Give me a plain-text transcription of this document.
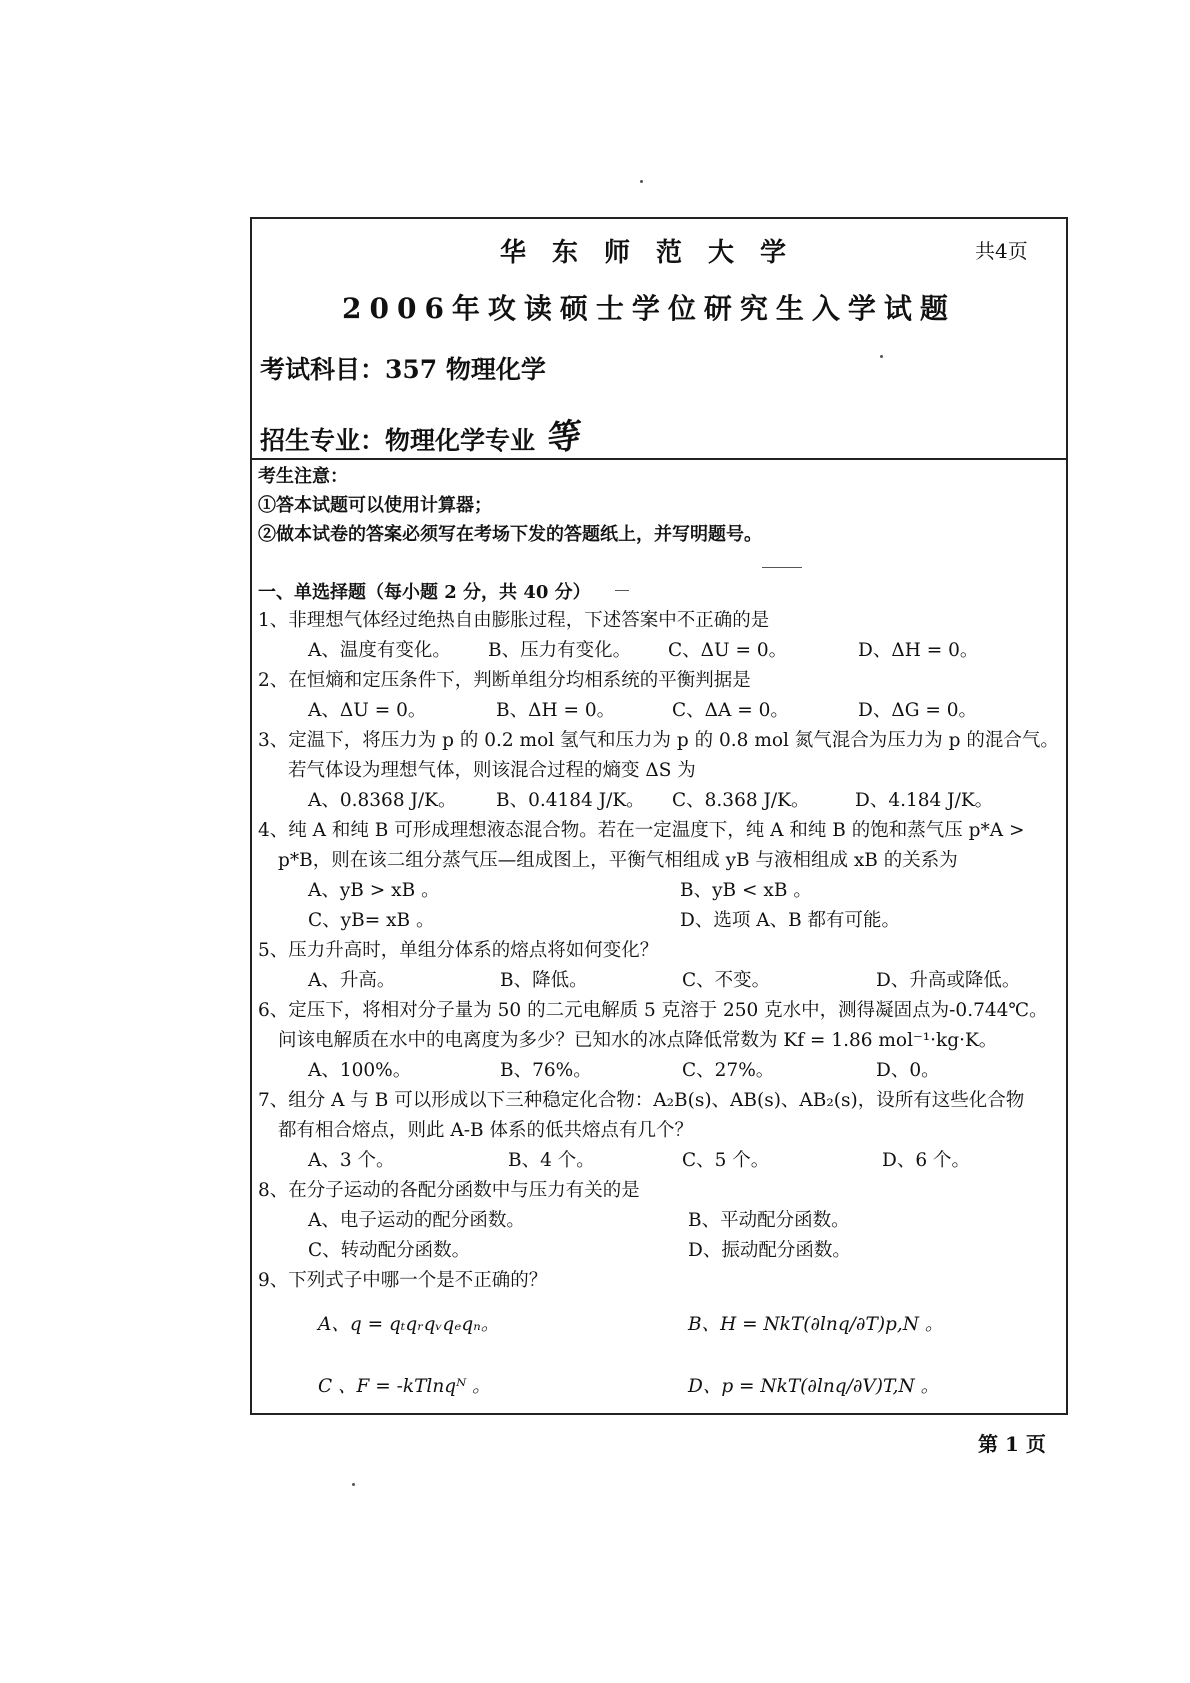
华东师范大学	共4页
2006年攻读硕士学位研究生入学试题
考试科目：357 物理化学
招生专业：物理化学专业 等
考生注意：
①答本试题可以使用计算器；
②做本试卷的答案必须写在考场下发的答题纸上，并写明题号。
一、单选择题（每小题 2 分，共 40 分）
1、非理想气体经过绝热自由膨胀过程，下述答案中不正确的是
A、温度有变化。 B、压力有变化。 C、ΔU = 0。	D、ΔH = 0。
2、在恒熵和定压条件下，判断单组分均相系统的平衡判据是
A、ΔU = 0。	B、ΔH = 0。	C、ΔA = 0。	D、ΔG = 0。
3、定温下，将压力为 p 的 0.2 mol 氢气和压力为 p 的 0.8 mol 氮气混合为压力为 p 的混合气。
若气体设为理想气体，则该混合过程的熵变 ΔS 为
A、0.8368 J/K。 B、0.4184 J/K。 C、8.368 J/K。 D、4.184 J/K。
4、纯 A 和纯 B 可形成理想液态混合物。若在一定温度下，纯 A 和纯 B 的饱和蒸气压 p*A >
p*B，则在该二组分蒸气压—组成图上，平衡气相组成 yB 与液相组成 xB 的关系为
A、yB > xB 。	B、yB < xB 。
C、yB= xB 。	D、选项 A、B 都有可能。
5、压力升高时，单组分体系的熔点将如何变化？
A、升高。	B、降低。	C、不变。	D、升高或降低。
6、定压下，将相对分子量为 50 的二元电解质 5 克溶于 250 克水中，测得凝固点为-0.744℃。
问该电解质在水中的电离度为多少？已知水的冰点降低常数为 Kf = 1.86 mol⁻¹·kg·K。
A、100%。	B、76%。	C、27%。	D、0。
7、组分 A 与 B 可以形成以下三种稳定化合物：A₂B(s)、AB(s)、AB₂(s)，设所有这些化合物
都有相合熔点，则此 A-B 体系的低共熔点有几个？
A、3 个。	B、4 个。	C、5 个。	D、6 个。
8、在分子运动的各配分函数中与压力有关的是
A、电子运动的配分函数。	B、平动配分函数。
C、转动配分函数。	D、振动配分函数。
9、下列式子中哪一个是不正确的？
A、q = qₜqᵣqᵥqₑqₙ。	B、H = NkT(∂lnq/∂T)p,N 。
C 、F = -kTlnqᴺ 。	D、p = NkT(∂lnq/∂V)T,N 。
第 1 页
